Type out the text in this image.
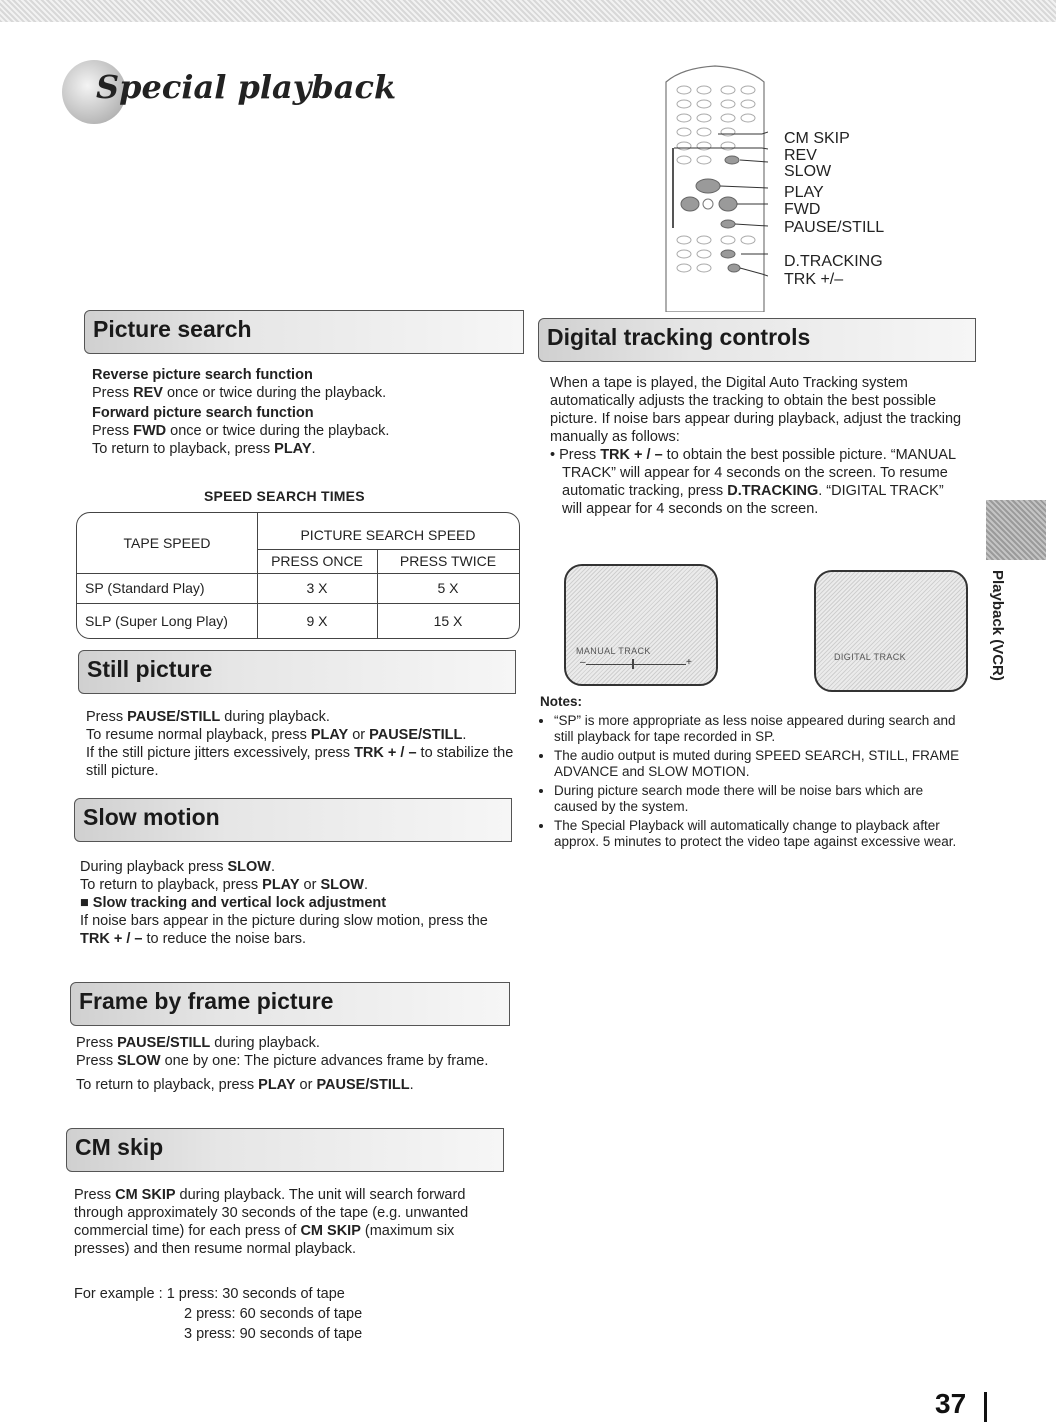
Special playback
CM SKIP
REV
SLOW
PLAY
FWD
PAUSE/STILL
D.TRACKING
TRK +/–
Picture search

Reverse picture search function

Press REV once or twice during the playback.

Forward picture search function

Press FWD once or twice during the playback.

To return to playback, press PLAY.

SPEED SEARCH TIMES
TAPE SPEED	PICTURE SEARCH SPEED
PRESS ONCE	PRESS TWICE
SP (Standard Play)	3 X	5 X
SLP (Super Long Play)	9 X	15 X
Still picture

Press PAUSE/STILL during playback.

To resume normal playback, press PLAY or PAUSE/STILL.

If the still picture jitters excessively, press TRK + / – to stabilize the still picture.

Slow motion

During playback press SLOW.

To return to playback, press PLAY or SLOW.

■ Slow tracking and vertical lock adjustment

If noise bars appear in the picture during slow motion, press the TRK + / – to reduce the noise bars.

Frame by frame picture

Press PAUSE/STILL during playback.

Press SLOW one by one: The picture advances frame by frame.

To return to playback, press PLAY or PAUSE/STILL.

CM skip

Press CM SKIP during playback. The unit will search forward through approximately 30 seconds of the tape (e.g. unwanted commercial time) for each press of CM SKIP (maximum six presses) and then resume normal playback.

For example : 1 press: 30 seconds of tape
2 press: 60 seconds of tape
3 press: 90 seconds of tape
Digital tracking controls

When a tape is played, the Digital Auto Tracking system automatically adjusts the tracking to obtain the best possible picture. If noise bars appear during playback, adjust the tracking manually as follows:

• Press TRK + / – to obtain the best possible picture. “MANUAL TRACK” will appear for 4 seconds on the screen. To resume automatic tracking, press D.TRACKING. “DIGITAL TRACK” will appear for 4 seconds on the screen.

MANUAL TRACK
–	+	DIGITAL TRACK
Notes:
• “SP” is more appropriate as less noise appeared during search and still playback for tape recorded in SP.
• The audio output is muted during SPEED SEARCH, STILL, FRAME ADVANCE and SLOW MOTION.
• During picture search mode there will be noise bars which are caused by the system.
• The Special Playback will automatically change to playback after approx. 5 minutes to protect the video tape against excessive wear.
Playback (VCR)
37
